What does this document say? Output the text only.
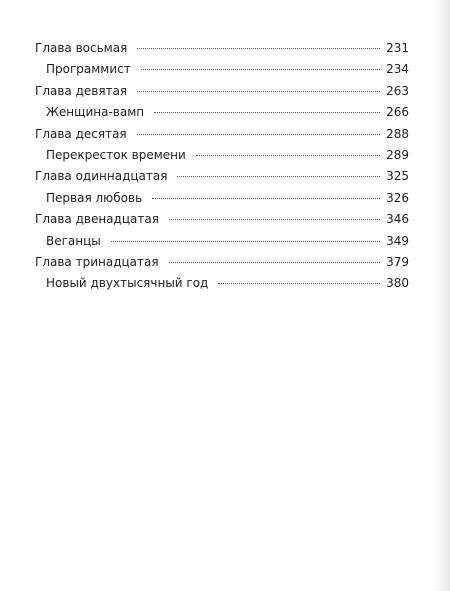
Глава восьмая	231
Программист	234
Глава девятая	263
Женщина-вамп	266
Глава десятая	288
Перекресток времени	289
Глава одиннадцатая	325
Первая любовь	326
Глава двенадцатая	346
Веганцы	349
Глава тринадцатая	379
Новый двухтысячный год	380
